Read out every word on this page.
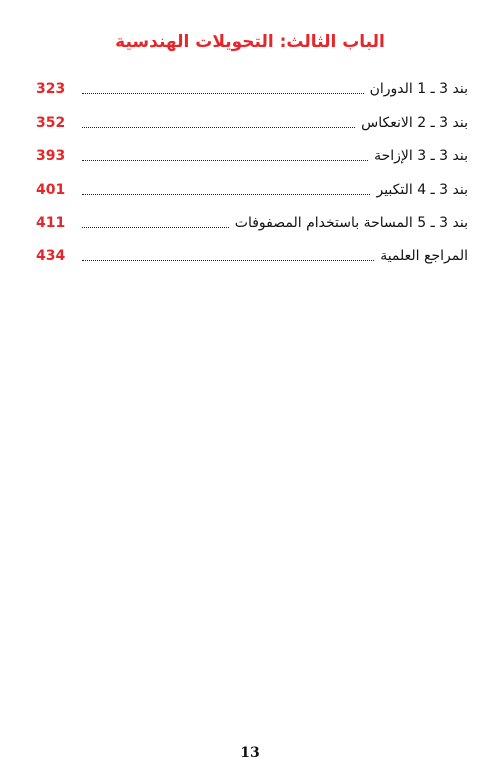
الباب الثالث: التحويلات الهندسية
بند 3 ـ 1 الدوران
323
بند 3 ـ 2 الانعكاس
352
بند 3 ـ 3 الإزاحة
393
بند 3 ـ 4 التكبير
401
بند 3 ـ 5 المساحة باستخدام المصفوفات
411
المراجع العلمية
434
13
